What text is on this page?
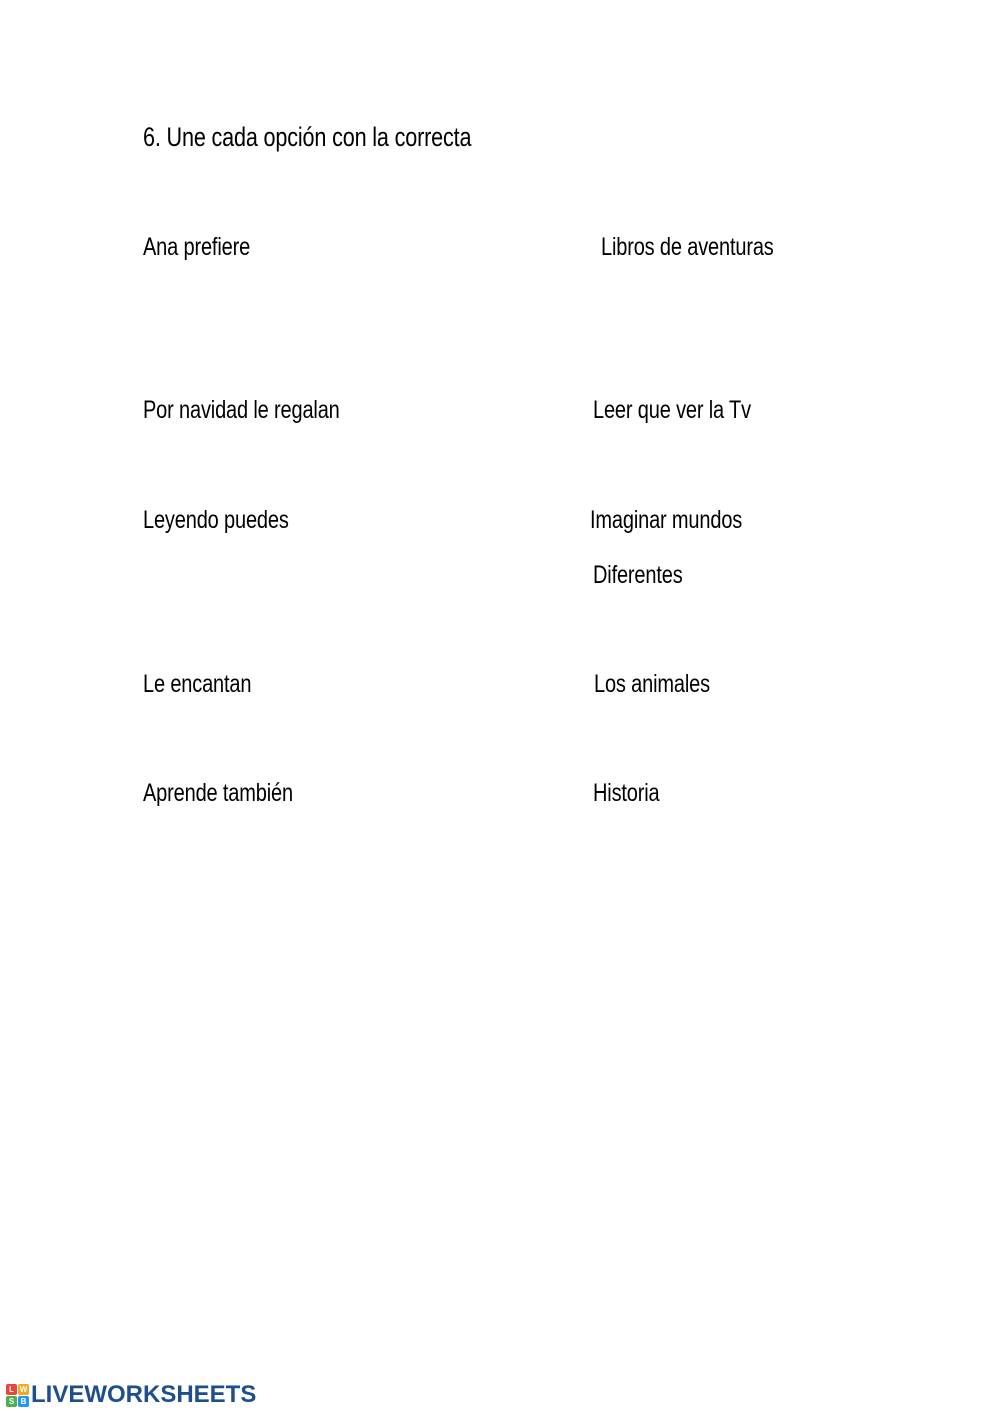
6. Une cada opción con la correcta
Ana prefiere
Por navidad le regalan
Leyendo puedes
Le encantan
Aprende también
Libros de aventuras
Leer que ver la Tv
Imaginar mundos
Diferentes
Los animales
Historia
L W
S B LIVEWORKSHEETS
